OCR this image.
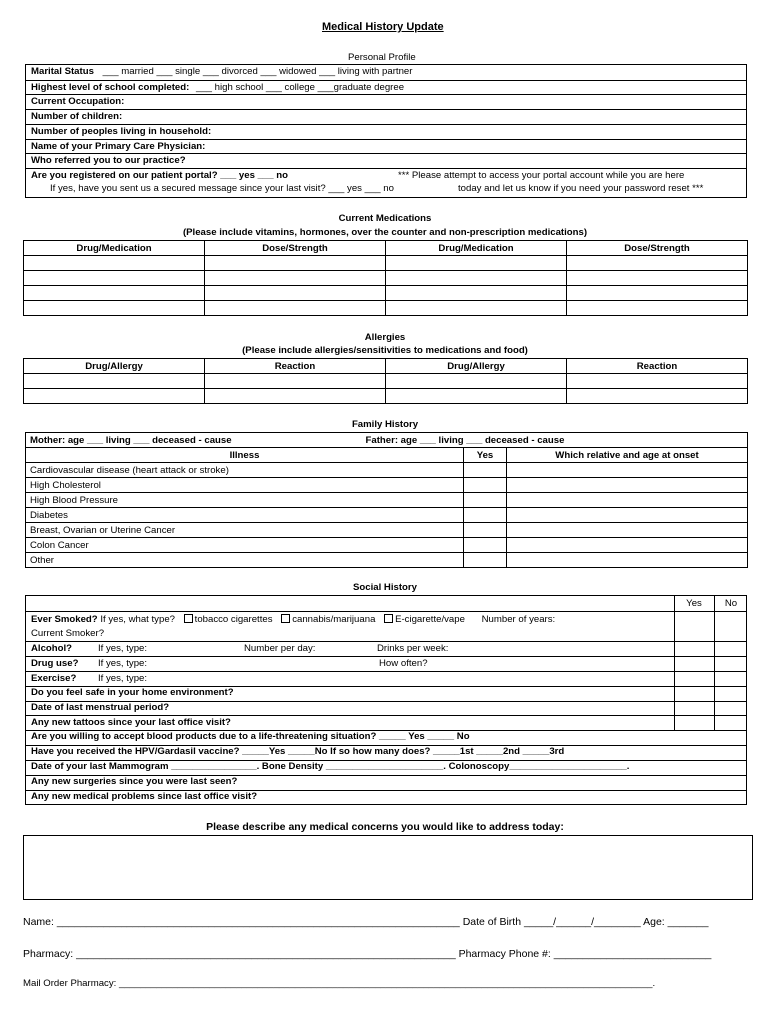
Medical History Update
Personal Profile
Marital Status ___ married ___ single ___ divorced ___ widowed ___ living with partner
Highest level of school completed: ___ high school ___ college ___graduate degree
Current Occupation:
Number of children:
Number of peoples living in household:
Name of your Primary Care Physician:
Who referred you to our practice?
Are you registered on our patient portal? ___ yes ___ no	*** Please attempt to access your portal account while you are here
If yes, have you sent us a secured message since your last visit? ___ yes ___ no	today and let us know if you need your password reset ***
Current Medications
(Please include vitamins, hormones, over the counter and non-prescription medications)
Drug/Medication	Dose/Strength	Drug/Medication	Dose/Strength

Allergies
(Please include allergies/sensitivities to medications and food)
Drug/Allergy	Reaction	Drug/Allergy	Reaction

Family History
Mother: age ___ living ___ deceased - cause	Father: age ___ living ___ deceased - cause	
Illness	Yes	Which relative and age at onset
Cardiovascular disease (heart attack or stroke)		
High Cholesterol		
High Blood Pressure		
Diabetes		
Breast, Ovarian or Uterine Cancer		
Colon Cancer		
Other		
Social History
Yes	No
Ever Smoked? If yes, what type? tobacco cigarettes cannabis/marijuana E-cigarette/vape Number of years:
Current Smoker?
Alcohol?	If yes, type:	Number per day:	Drinks per week:
Drug use? If yes, type:	How often?
Exercise? If yes, type:
Do you feel safe in your home environment?
Date of last menstrual period?
Any new tattoos since your last office visit?
Are you willing to accept blood products due to a life-threatening situation? _____ Yes _____ No
Have you received the HPV/Gardasil vaccine? _____Yes _____No If so how many does? _____1st _____2nd _____3rd
Date of your last Mammogram ________________. Bone Density ______________________. Colonoscopy______________________.
Any new surgeries since you were last seen?
Any new medical problems since last office visit?
Please describe any medical concerns you would like to address today:
Name: _____________________________________________________________________ Date of Birth _____/______/________ Age: _______
Pharmacy: _________________________________________________________________ Pharmacy Phone #: ___________________________
Mail Order Pharmacy: ____________________________________________________________________________________________________.
